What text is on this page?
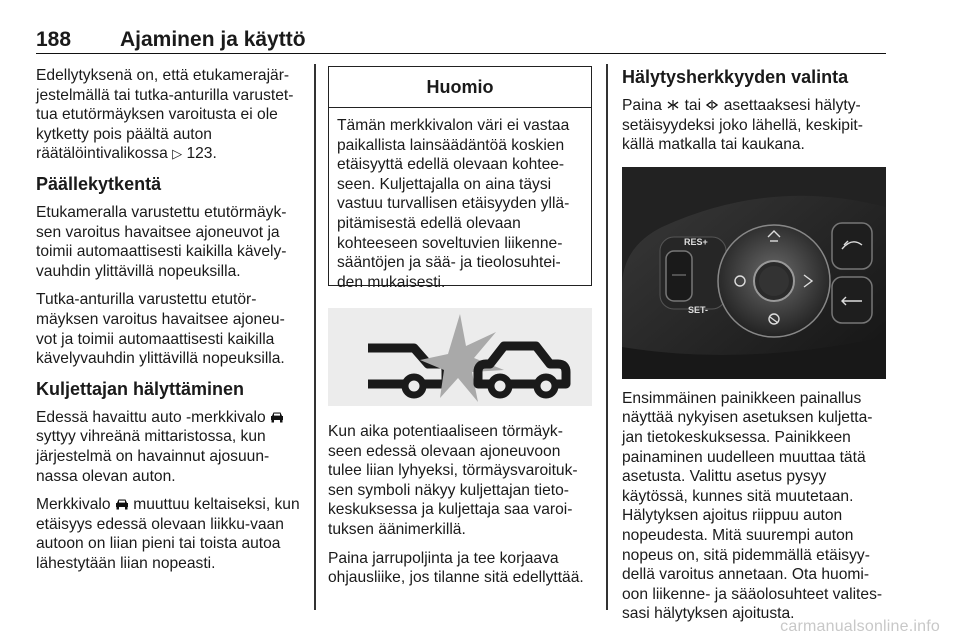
188 Ajaminen ja käyttö

Edellytyksenä on, että etukamerajär-jestelmällä tai tutka-anturilla varustet-tua etutörmäyksen varoitusta ei ole kytketty pois päältä auton räätälöintivalikossa ▷ 123.

Päällekytkentä

Etukameralla varustettu etutörmäyk-sen varoitus havaitsee ajoneuvot ja toimii automaattisesti kaikilla kävely-vauhdin ylittävillä nopeuksilla.

Tutka-anturilla varustettu etutör-mäyksen varoitus havaitsee ajoneu-vot ja toimii automaattisesti kaikilla kävelyvauhdin ylittävillä nopeuksilla.

Kuljettajan hälyttäminen

Edessä havaittu auto -merkkivalo  syttyy vihreänä mittaristossa, kun järjestelmä on havainnut ajosuun-nassa olevan auton.

Merkkivalo muuttuu keltaiseksi, kun etäisyys edessä olevaan liikku-vaan autoon on liian pieni tai toista autoa lähestytään liian nopeasti.

Huomio
Tämän merkkivalon väri ei vastaa paikallista lainsäädäntöä koskien etäisyyttä edellä olevaan kohtee-seen. Kuljettajalla on aina täysi vastuu turvallisen etäisyyden yllä-pitämisestä edellä olevaan kohteeseen soveltuvien liikenne-sääntöjen ja sää- ja tieolosuhtei-den mukaisesti.

Kun aika potentiaaliseen törmäyk-seen edessä olevaan ajoneuvoon tulee liian lyhyeksi, törmäysvaroituk-sen symboli näkyy kuljettajan tieto-keskuksessa ja kuljettaja saa varoi-tuksen äänimerkillä.

Paina jarrupoljinta ja tee korjaava ohjausliike, jos tilanne sitä edellyttää.

Hälytysherkkyyden valinta

Paina tai asettaaksesi hälyty-setäisyydeksi joko lähellä, keskipit-källä matkalla tai kaukana.

RES+
SET-

Ensimmäinen painikkeen painallus näyttää nykyisen asetuksen kuljetta-jan tietokeskuksessa. Painikkeen painaminen uudelleen muuttaa tätä asetusta. Valittu asetus pysyy käytössä, kunnes sitä muutetaan. Hälytyksen ajoitus riippuu auton nopeudesta. Mitä suurempi auton nopeus on, sitä pidemmällä etäisyy-dellä varoitus annetaan. Ota huomi-oon liikenne- ja sääolosuhteet valites-sasi hälytyksen ajoitusta.

carmanualsonline.info
